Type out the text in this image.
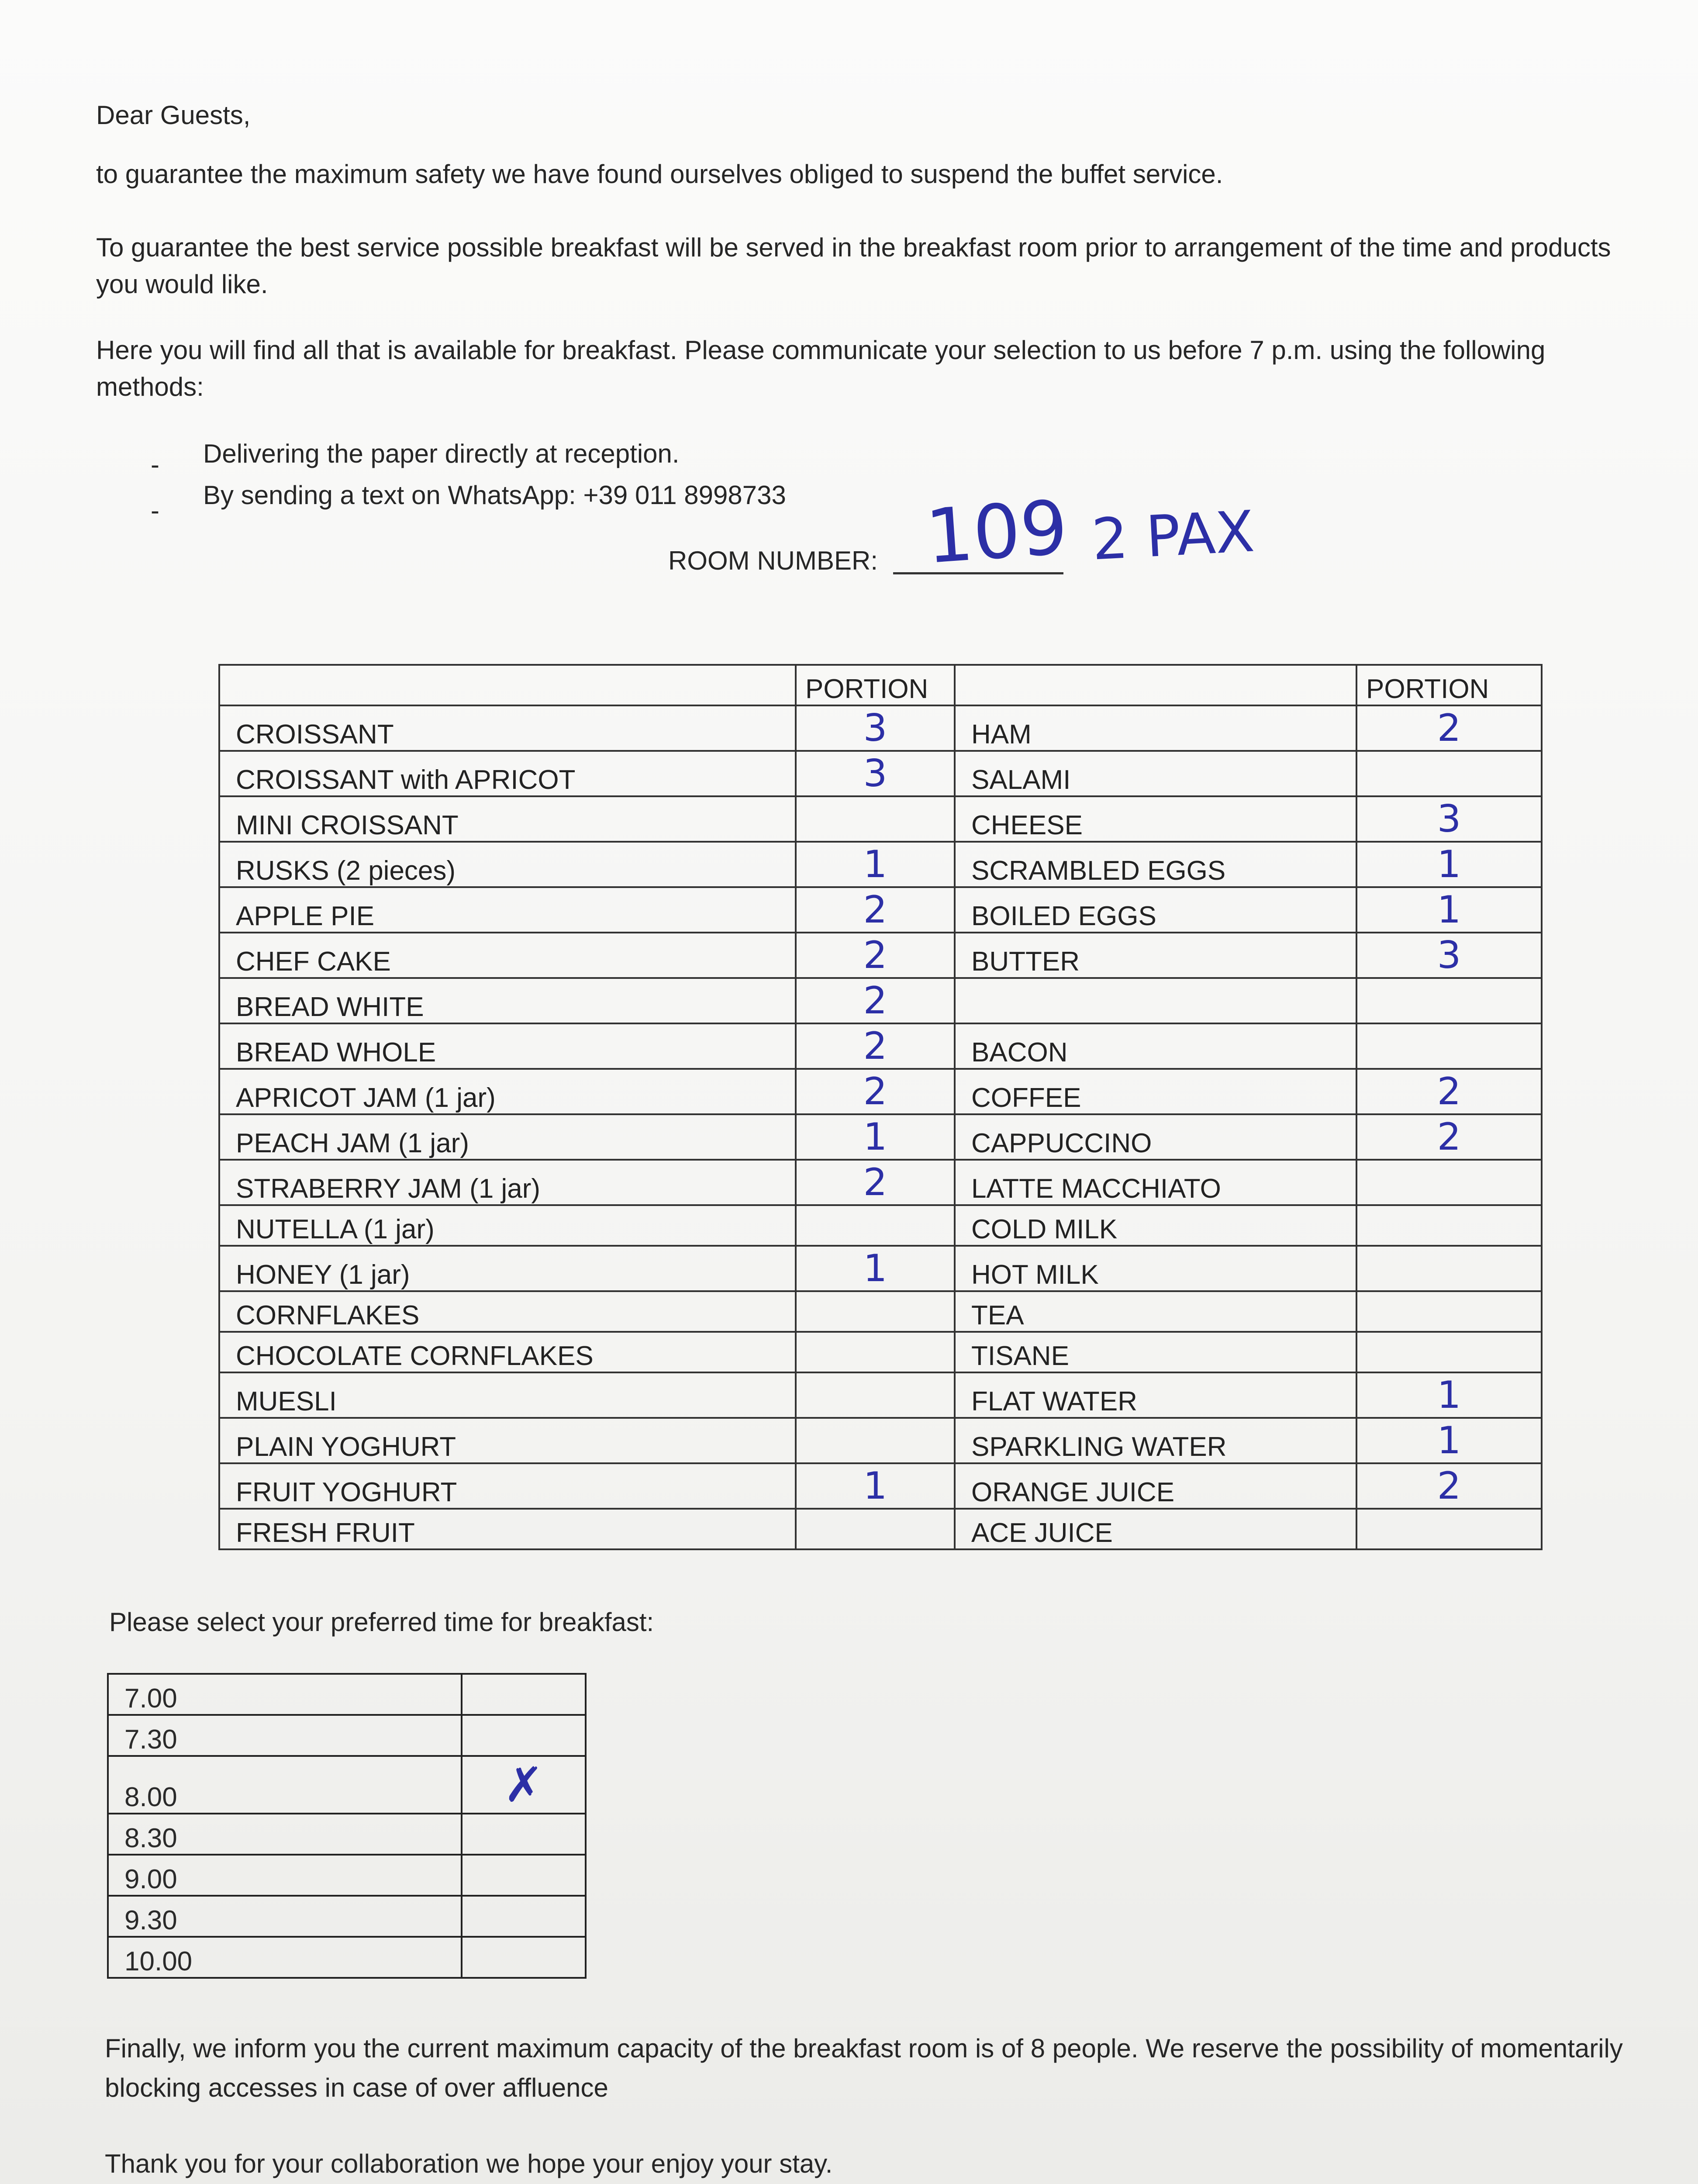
Dear Guests,
to guarantee the maximum safety we have found ourselves obliged to suspend the buffet service.
To guarantee the best service possible breakfast will be served in the breakfast room prior to arrangement of the time and products you would like.
Here you will find all that is available for breakfast. Please communicate your selection to us before 7 p.m. using the following methods:
- Delivering the paper directly at reception.
-
By sending a text on WhatsApp: +39 011 8998733
ROOM NUMBER: 109 2 PAX
	PORTION		PORTION
CROISSANT	3	HAM	2
CROISSANT with APRICOT	3	SALAMI	
MINI CROISSANT		CHEESE	3
RUSKS (2 pieces)	1	SCRAMBLED EGGS	1
APPLE PIE	2	BOILED EGGS	1
CHEF CAKE	2	BUTTER	3
BREAD WHITE	2		
BREAD WHOLE	2	BACON	
APRICOT JAM (1 jar)	2	COFFEE	2
PEACH JAM (1 jar)	1	CAPPUCCINO	2
STRABERRY JAM (1 jar)	2	LATTE MACCHIATO	
NUTELLA (1 jar)		COLD MILK	
HONEY (1 jar)	1	HOT MILK	
CORNFLAKES		TEA	
CHOCOLATE CORNFLAKES		TISANE	
MUESLI		FLAT WATER	1
PLAIN YOGHURT		SPARKLING WATER	1
FRUIT YOGHURT	1	ORANGE JUICE	2
FRESH FRUIT		ACE JUICE	
Please select your preferred time for breakfast:
7.00	
7.30	
8.00	✗
8.30	
9.00	
9.30	
10.00	
Finally, we inform you the current maximum capacity of the breakfast room is of 8 people. We reserve the possibility of momentarily blocking accesses in case of over affluence
Thank you for your collaboration we hope your enjoy your stay.
